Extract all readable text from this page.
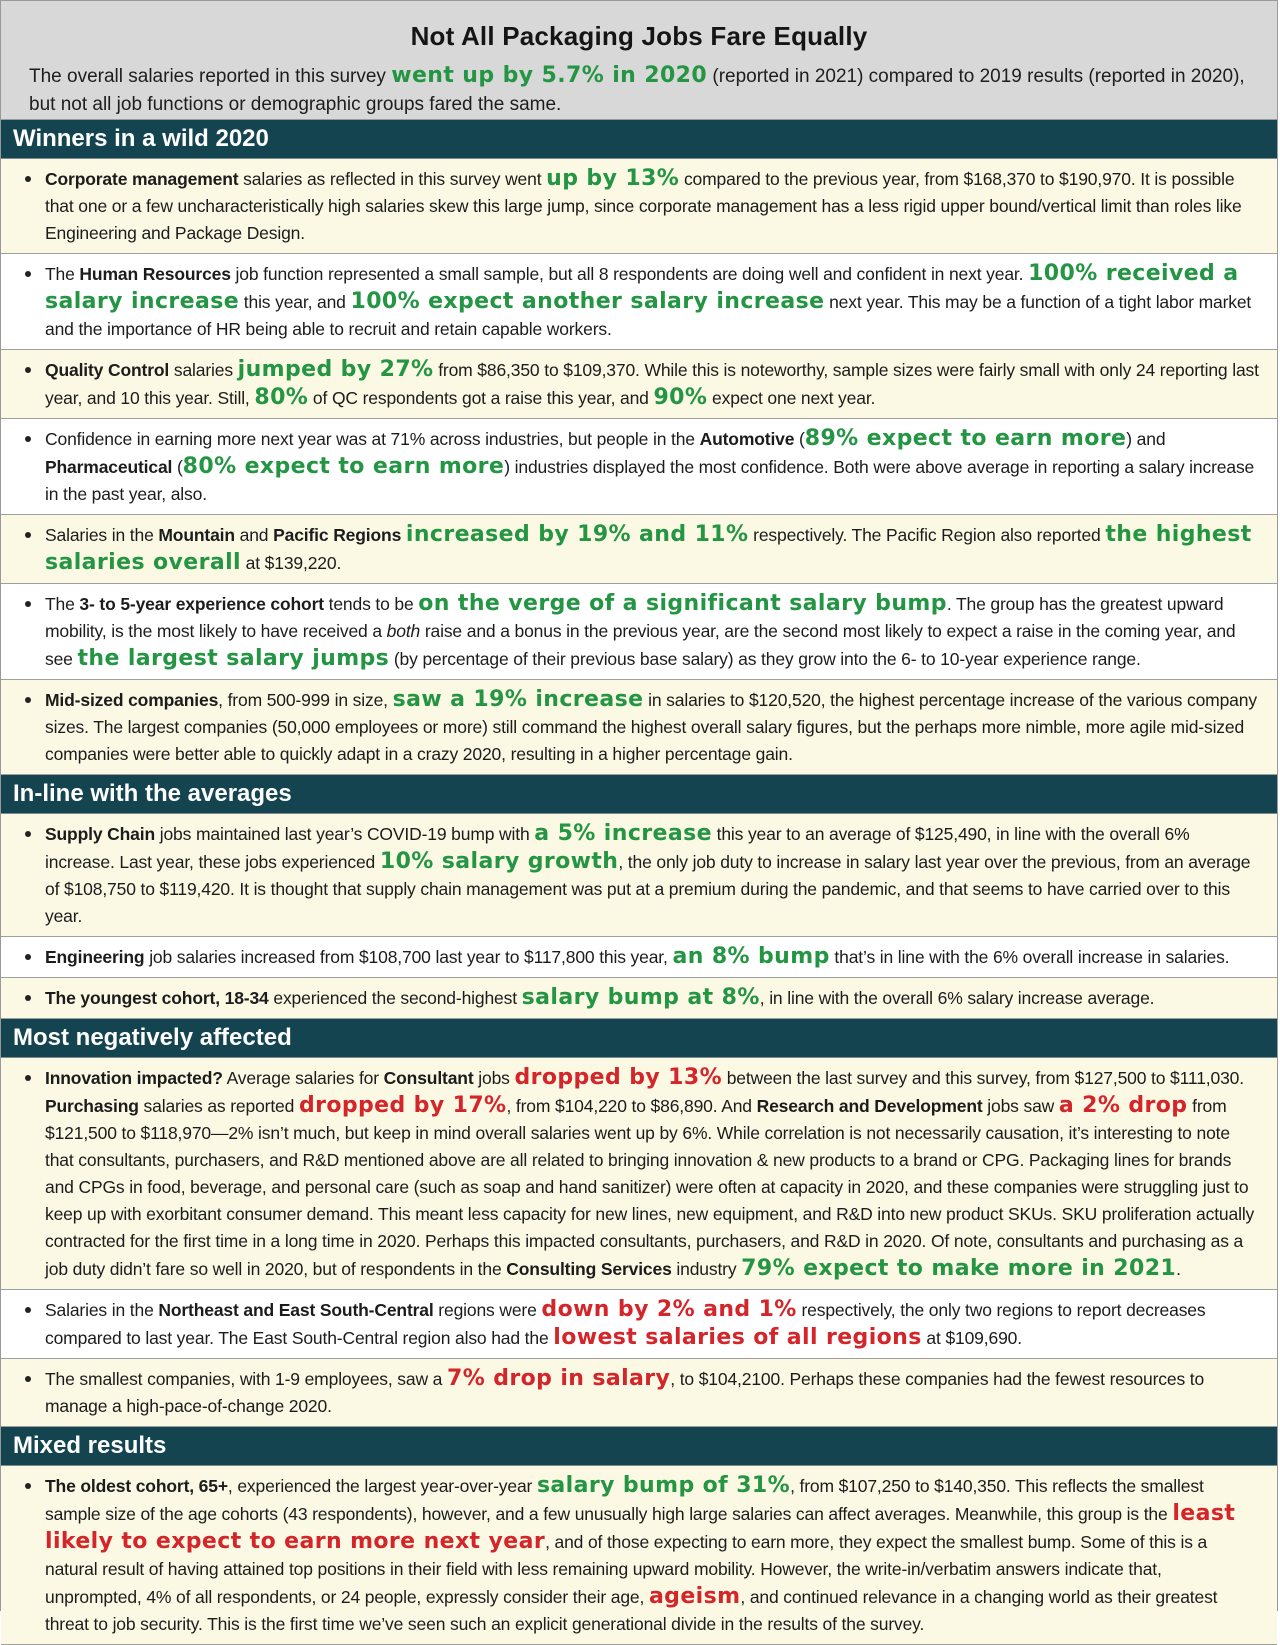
Not All Packaging Jobs Fare Equally
The overall salaries reported in this survey went up by 5.7% in 2020 (reported in 2021) compared to 2019 results (reported in 2020), but not all job functions or demographic groups fared the same.
Winners in a wild 2020
Corporate management salaries as reflected in this survey went up by 13% compared to the previous year, from $168,370 to $190,970. It is possible that one or a few uncharacteristically high salaries skew this large jump, since corporate management has a less rigid upper bound/vertical limit than roles like Engineering and Package Design.
The Human Resources job function represented a small sample, but all 8 respondents are doing well and confident in next year. 100% received a salary increase this year, and 100% expect another salary increase next year. This may be a function of a tight labor market and the importance of HR being able to recruit and retain capable workers.
Quality Control salaries jumped by 27% from $86,350 to $109,370. While this is noteworthy, sample sizes were fairly small with only 24 reporting last year, and 10 this year. Still, 80% of QC respondents got a raise this year, and 90% expect one next year.
Confidence in earning more next year was at 71% across industries, but people in the Automotive (89% expect to earn more) and Pharmaceutical (80% expect to earn more) industries displayed the most confidence. Both were above average in reporting a salary increase in the past year, also.
Salaries in the Mountain and Pacific Regions increased by 19% and 11% respectively. The Pacific Region also reported the highest salaries overall at $139,220.
The 3- to 5-year experience cohort tends to be on the verge of a significant salary bump. The group has the greatest upward mobility, is the most likely to have received a both raise and a bonus in the previous year, are the second most likely to expect a raise in the coming year, and see the largest salary jumps (by percentage of their previous base salary) as they grow into the 6- to 10-year experience range.
Mid-sized companies, from 500-999 in size, saw a 19% increase in salaries to $120,520, the highest percentage increase of the various company sizes. The largest companies (50,000 employees or more) still command the highest overall salary figures, but the perhaps more nimble, more agile mid-sized companies were better able to quickly adapt in a crazy 2020, resulting in a higher percentage gain.
In-line with the averages
Supply Chain jobs maintained last year’s COVID-19 bump with a 5% increase this year to an average of $125,490, in line with the overall 6% increase. Last year, these jobs experienced 10% salary growth, the only job duty to increase in salary last year over the previous, from an average of $108,750 to $119,420. It is thought that supply chain management was put at a premium during the pandemic, and that seems to have carried over to this year.
Engineering job salaries increased from $108,700 last year to $117,800 this year, an 8% bump that’s in line with the 6% overall increase in salaries.
The youngest cohort, 18-34 experienced the second-highest salary bump at 8%, in line with the overall 6% salary increase average.
Most negatively affected
Innovation impacted? Average salaries for Consultant jobs dropped by 13% between the last survey and this survey, from $127,500 to $111,030. Purchasing salaries as reported dropped by 17%, from $104,220 to $86,890. And Research and Development jobs saw a 2% drop from $121,500 to $118,970—2% isn’t much, but keep in mind overall salaries went up by 6%. While correlation is not necessarily causation, it’s interesting to note that consultants, purchasers, and R&D mentioned above are all related to bringing innovation & new products to a brand or CPG. Packaging lines for brands and CPGs in food, beverage, and personal care (such as soap and hand sanitizer) were often at capacity in 2020, and these companies were struggling just to keep up with exorbitant consumer demand. This meant less capacity for new lines, new equipment, and R&D into new product SKUs. SKU proliferation actually contracted for the first time in a long time in 2020. Perhaps this impacted consultants, purchasers, and R&D in 2020. Of note, consultants and purchasing as a job duty didn’t fare so well in 2020, but of respondents in the Consulting Services industry 79% expect to make more in 2021.
Salaries in the Northeast and East South-Central regions were down by 2% and 1% respectively, the only two regions to report decreases compared to last year. The East South-Central region also had the lowest salaries of all regions at $109,690.
The smallest companies, with 1-9 employees, saw a 7% drop in salary, to $104,2100. Perhaps these companies had the fewest resources to manage a high-pace-of-change 2020.
Mixed results
The oldest cohort, 65+, experienced the largest year-over-year salary bump of 31%, from $107,250 to $140,350. This reflects the smallest sample size of the age cohorts (43 respondents), however, and a few unusually high large salaries can affect averages. Meanwhile, this group is the least likely to expect to earn more next year, and of those expecting to earn more, they expect the smallest bump. Some of this is a natural result of having attained top positions in their field with less remaining upward mobility. However, the write-in/verbatim answers indicate that, unprompted, 4% of all respondents, or 24 people, expressly consider their age, ageism, and continued relevance in a changing world as their greatest threat to job security. This is the first time we’ve seen such an explicit generational divide in the results of the survey.
